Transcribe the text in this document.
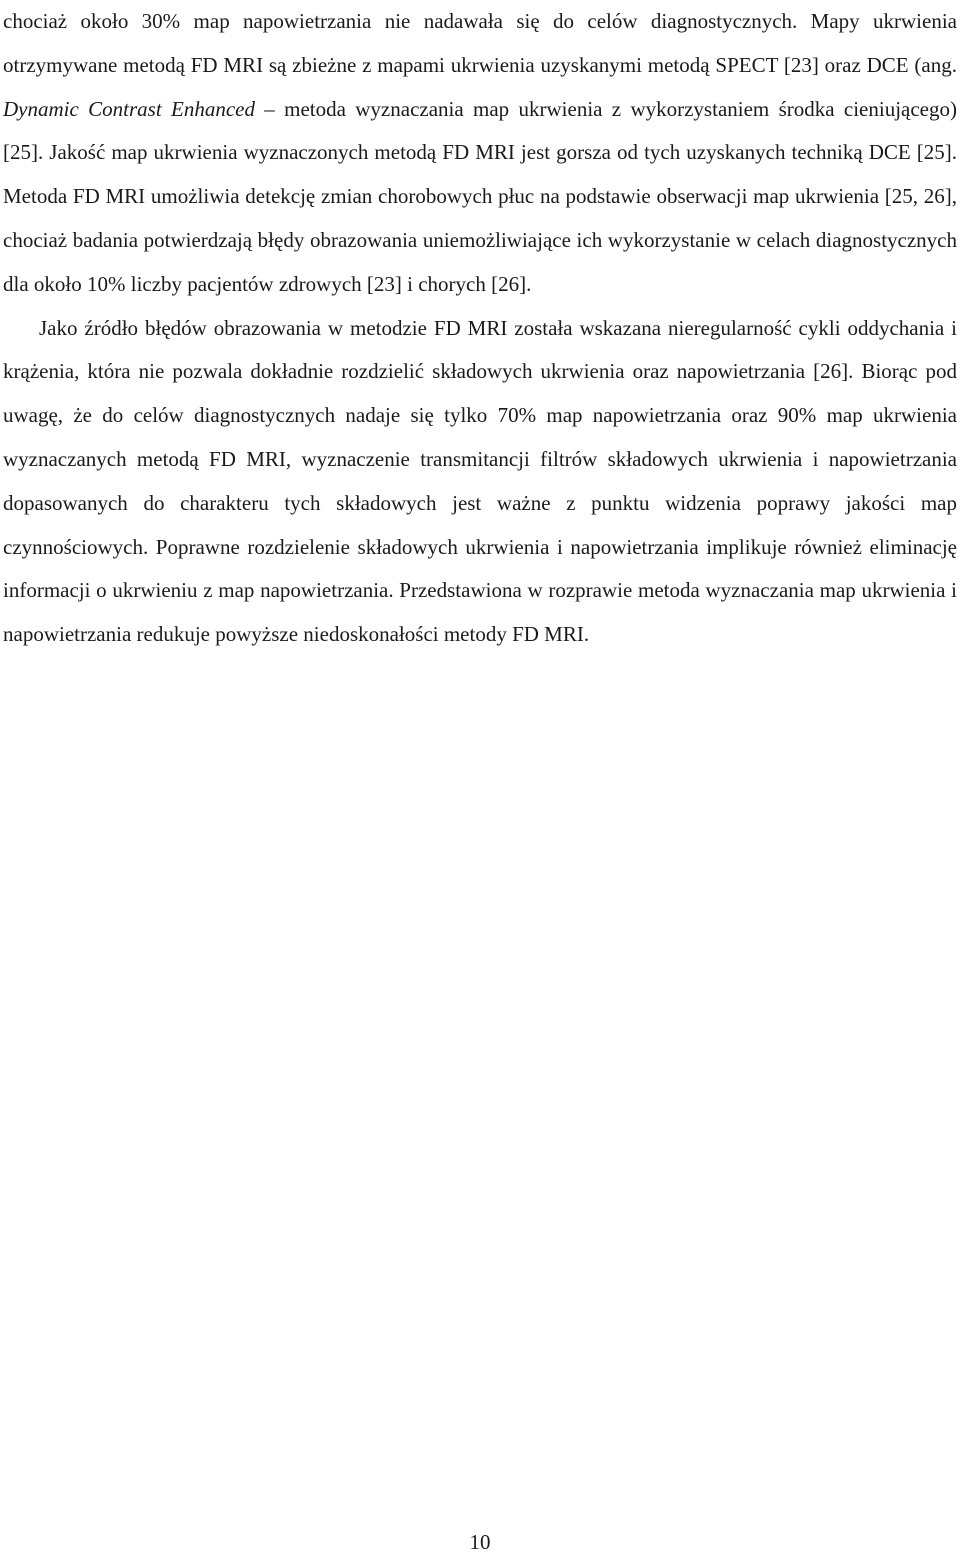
chociaż około 30% map napowietrzania nie nadawała się do celów diagnostycznych. Mapy ukrwienia otrzymywane metodą FD MRI są zbieżne z mapami ukrwienia uzyskanymi metodą SPECT [23] oraz DCE (ang. Dynamic Contrast Enhanced – metoda wyznaczania map ukrwienia z wykorzystaniem środka cieniującego) [25]. Jakość map ukrwienia wyznaczonych metodą FD MRI jest gorsza od tych uzyskanych techniką DCE [25]. Metoda FD MRI umożliwia detekcję zmian chorobowych płuc na podstawie obserwacji map ukrwienia [25, 26], chociaż badania potwierdzają błędy obrazowania uniemożliwiające ich wykorzystanie w celach diagnostycznych dla około 10% liczby pacjentów zdrowych [23] i chorych [26].

Jako źródło błędów obrazowania w metodzie FD MRI została wskazana nieregularność cykli oddychania i krążenia, która nie pozwala dokładnie rozdzielić składowych ukrwienia oraz napowietrzania [26]. Biorąc pod uwagę, że do celów diagnostycznych nadaje się tylko 70% map napowietrzania oraz 90% map ukrwienia wyznaczanych metodą FD MRI, wyznaczenie transmitancji filtrów składowych ukrwienia i napowietrzania dopasowanych do charakteru tych składowych jest ważne z punktu widzenia poprawy jakości map czynnościowych. Poprawne rozdzielenie składowych ukrwienia i napowietrzania implikuje również eliminację informacji o ukrwieniu z map napowietrzania. Przedstawiona w rozprawie metoda wyznaczania map ukrwienia i napowietrzania redukuje powyższe niedoskonałości metody FD MRI.

10
